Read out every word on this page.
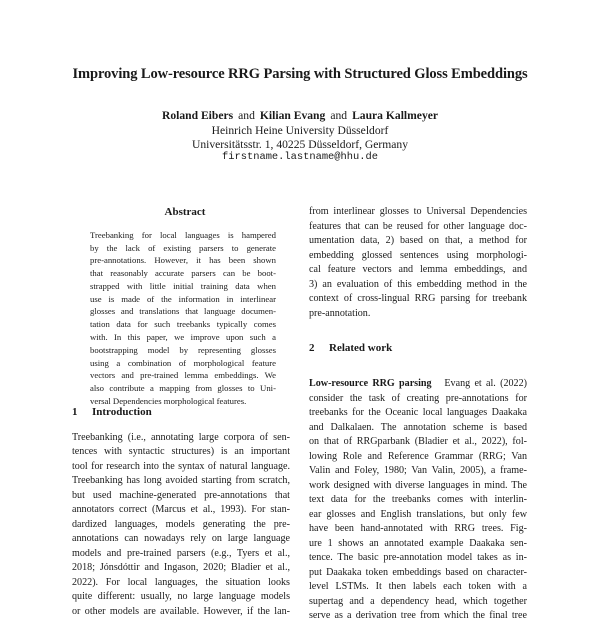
Improving Low-resource RRG Parsing with Structured Gloss Embeddings
Roland Eibers and Kilian Evang and Laura Kallmeyer
Heinrich Heine University Düsseldorf
Universitätsstr. 1, 40225 Düsseldorf, Germany
firstname.lastname@hhu.de
Abstract
Treebanking for local languages is hampered
by the lack of existing parsers to generate
pre-annotations. However, it has been shown
that reasonably accurate parsers can be boot-
strapped with little initial training data when
use is made of the information in interlinear
glosses and translations that language documen-
tation data for such treebanks typically comes
with. In this paper, we improve upon such a
bootstrapping model by representing glosses
using a combination of morphological feature
vectors and pre-trained lemma embeddings. We
also contribute a mapping from glosses to Uni-
versal Dependencies morphological features.
1 Introduction
Treebanking (i.e., annotating large corpora of sen-
tences with syntactic structures) is an important
tool for research into the syntax of natural language.
Treebanking has long avoided starting from scratch,
but used machine-generated pre-annotations that
annotators correct (Marcus et al., 1993). For stan-
dardized languages, models generating the pre-
annotations can nowadays rely on large language
models and pre-trained parsers (e.g., Tyers et al.,
2018; Jónsdóttir and Ingason, 2020; Bladier et al.,
2022). For local languages, the situation looks
quite different: usually, no large language models
or other models are available. However, if the lan-
from interlinear glosses to Universal Dependencies
features that can be reused for other language doc-
umentation data, 2) based on that, a method for
embedding glossed sentences using morphologi-
cal feature vectors and lemma embeddings, and
3) an evaluation of this embedding method in the
context of cross-lingual RRG parsing for treebank
pre-annotation.
2 Related work
Low-resource RRG parsing Evang et al. (2022)
consider the task of creating pre-annotations for
treebanks for the Oceanic local languages Daakaka
and Dalkalaen. The annotation scheme is based
on that of RRGparbank (Bladier et al., 2022), fol-
lowing Role and Reference Grammar (RRG; Van
Valin and Foley, 1980; Van Valin, 2005), a frame-
work designed with diverse languages in mind. The
text data for the treebanks comes with interlin-
ear glosses and English translations, but only few
have been hand-annotated with RRG trees. Fig-
ure 1 shows an annotated example Daakaka sen-
tence. The basic pre-annotation model takes as in-
put Daakaka token embeddings based on character-
level LSTMs. It then labels each token with a
supertag and a dependency head, which together
serve as a derivation tree from which the final tree
